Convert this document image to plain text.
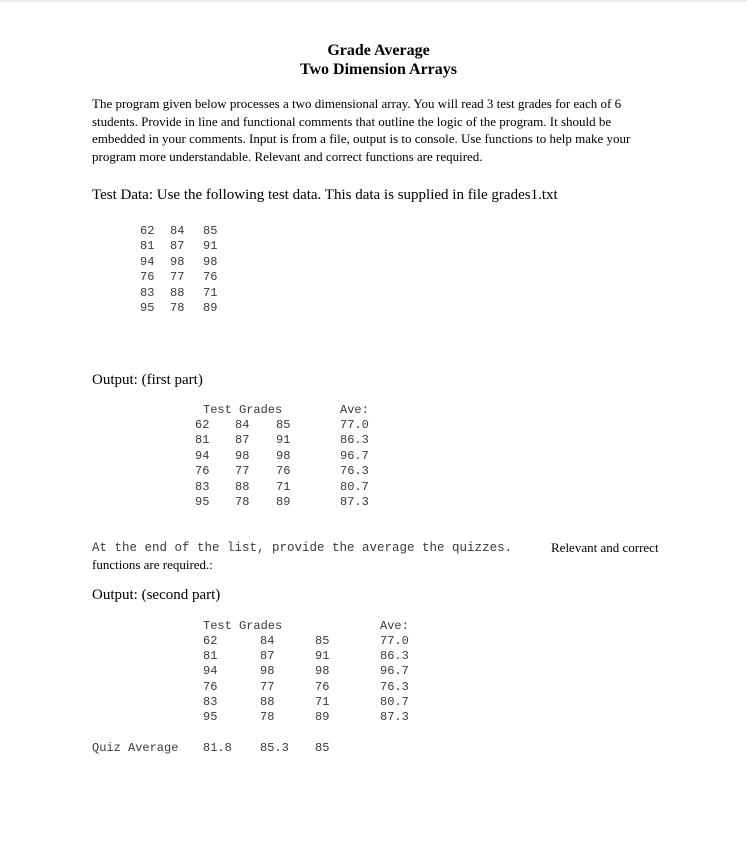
Grade Average
Two Dimension Arrays
The program given below processes a two dimensional array. You will read 3 test grades for each of 6 students. Provide in line and functional comments that outline the logic of the program. It should be embedded in your comments. Input is from a file, output is to console. Use functions to help make your program more understandable. Relevant and correct functions are required.
Test Data: Use the following test data. This data is supplied in file grades1.txt
62 84 85
81 87 91
94 98 98
76 77 76
83 88 71
95 78 89
Output: (first part)
Test Grades	Ave:
62 84 85	77.0
81 87 91	86.3
94 98 98	96.7
76 77 76	76.3
83 88 71	80.7
95 78 89	87.3
At the end of the list, provide the average the quizzes.	Relevant and correct
functions are required.:
Output: (second part)
Test Grades	Ave:
62	84	85	77.0
81	87	91	86.3
94	98	98	96.7
76	77	76	76.3
83	88	71	80.7
95	78	89	87.3
Quiz Average 81.8 85.3 85
